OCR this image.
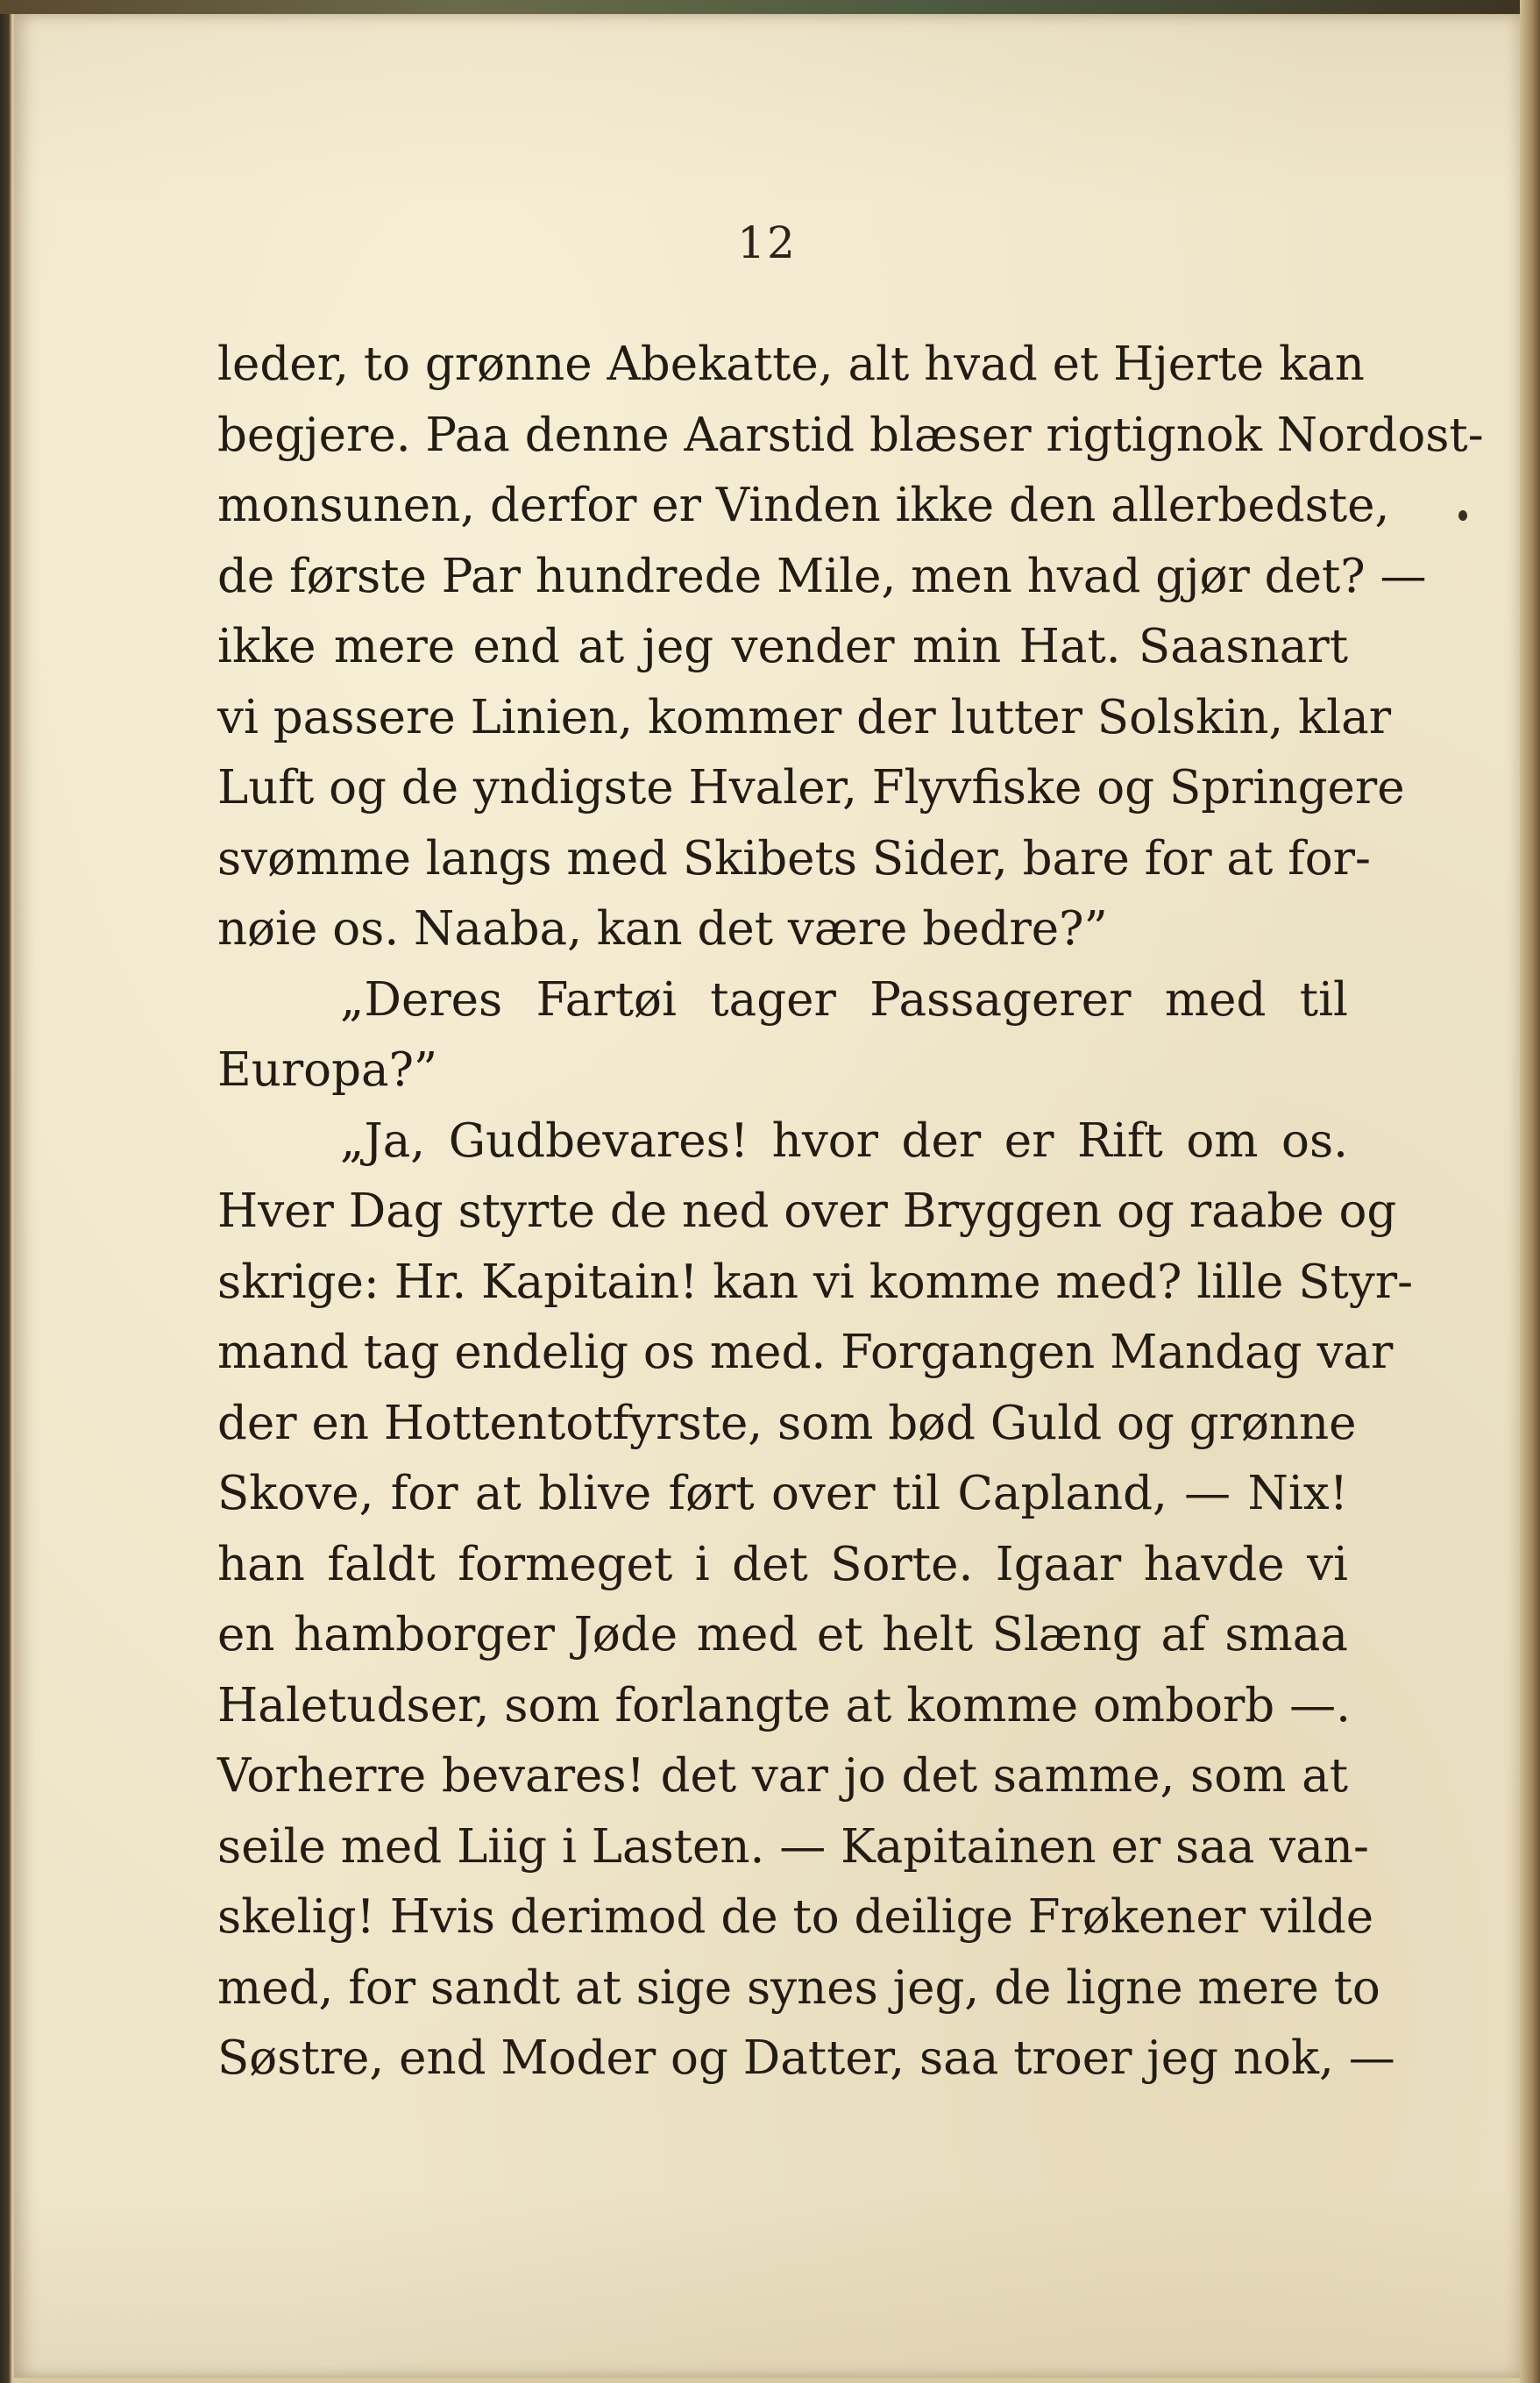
12
leder, to grønne Abekatte, alt hvad et Hjerte kan
begjere. Paa denne Aarstid blæser rigtignok Nordost-
monsunen, derfor er Vinden ikke den allerbedste,
de første Par hundrede Mile, men hvad gjør det? —
ikke mere end at jeg vender min Hat. Saasnart
vi passere Linien, kommer der lutter Solskin, klar
Luft og de yndigste Hvaler, Flyvfiske og Springere
svømme langs med Skibets Sider, bare for at for-
nøie os. Naaba, kan det være bedre?”
„Deres Fartøi tager Passagerer med til
Europa?”
„Ja, Gudbevares! hvor der er Rift om os.
Hver Dag styrte de ned over Bryggen og raabe og
skrige: Hr. Kapitain! kan vi komme med? lille Styr-
mand tag endelig os med. Forgangen Mandag var
der en Hottentotfyrste, som bød Guld og grønne
Skove, for at blive ført over til Capland, — Nix!
han faldt formeget i det Sorte. Igaar havde vi
en hamborger Jøde med et helt Slæng af smaa
Haletudser, som forlangte at komme omborb —.
Vorherre bevares! det var jo det samme, som at
seile med Liig i Lasten. — Kapitainen er saa van-
skelig! Hvis derimod de to deilige Frøkener vilde
med, for sandt at sige synes jeg, de ligne mere to
Søstre, end Moder og Datter, saa troer jeg nok, —
